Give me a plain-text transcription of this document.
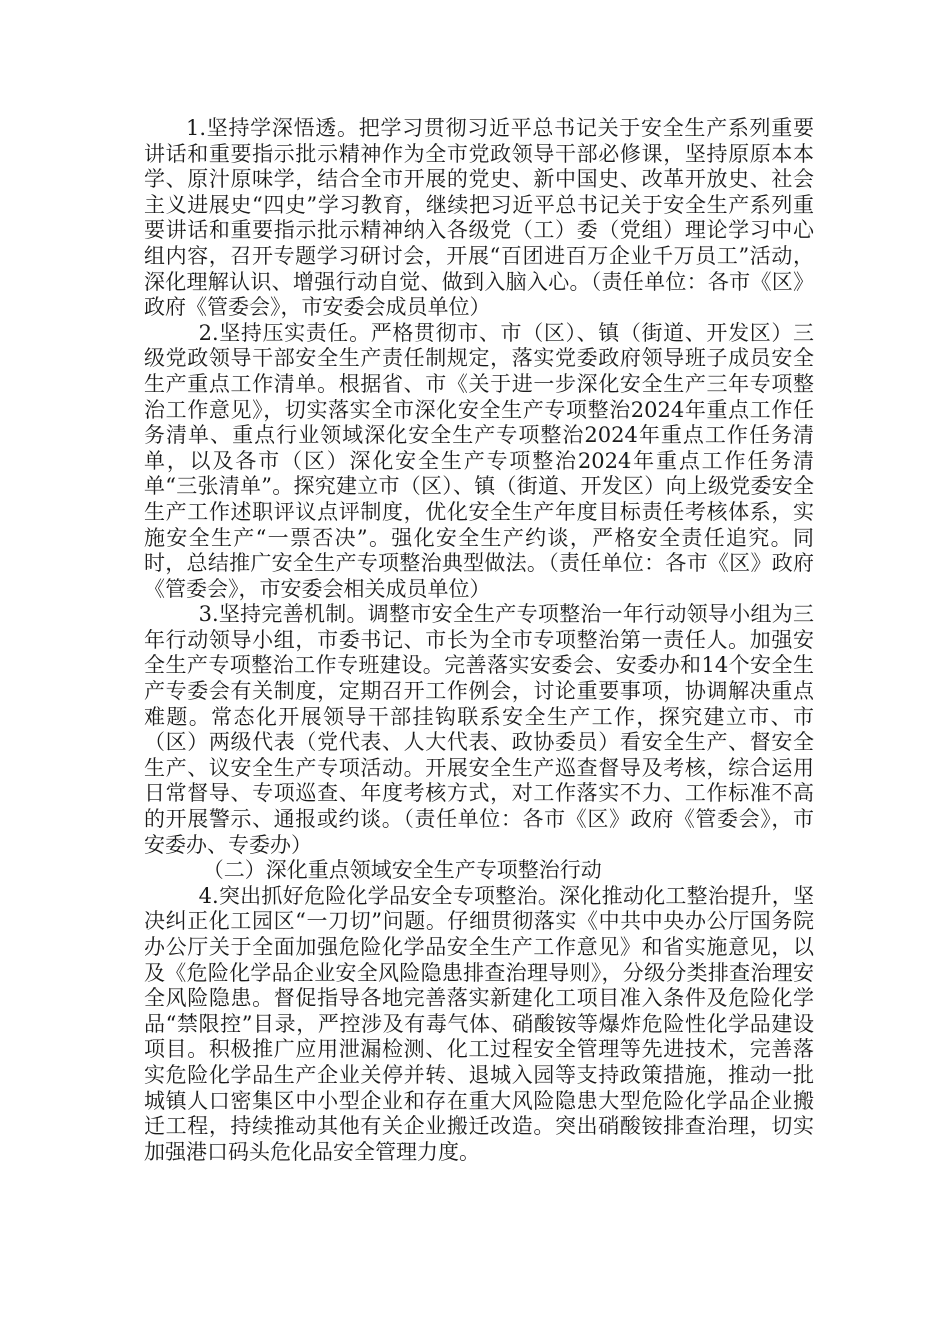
1.坚持学深悟透。把学习贯彻习近平总书记关于安全生产系列重要讲话和重要指示批示精神作为全市党政领导干部必修课，坚持原原本本学、原汁原味学，结合全市开展的党史、新中国史、改革开放史、社会主义进展史“四史”学习教育，继续把习近平总书记关于安全生产系列重要讲话和重要指示批示精神纳入各级党（工）委（党组）理论学习中心组内容，召开专题学习研讨会，开展“百团进百万企业千万员工”活动，深化理解认识、增强行动自觉、做到入脑入心。（责任单位：各市《区》政府《管委会》，市安委会成员单位）

2.坚持压实责任。严格贯彻市、市（区）、镇（街道、开发区）三级党政领导干部安全生产责任制规定，落实党委政府领导班子成员安全生产重点工作清单。根据省、市《关于进一步深化安全生产三年专项整治工作意见》，切实落实全市深化安全生产专项整治2024年重点工作任务清单、重点行业领域深化安全生产专项整治2024年重点工作任务清单，以及各市（区）深化安全生产专项整治2024年重点工作任务清单“三张清单”。探究建立市（区）、镇（街道、开发区）向上级党委安全生产工作述职评议点评制度，优化安全生产年度目标责任考核体系，实施安全生产“一票否决”。强化安全生产约谈，严格安全责任追究。同时，总结推广安全生产专项整治典型做法。（责任单位：各市《区》政府《管委会》，市安委会相关成员单位）

3.坚持完善机制。调整市安全生产专项整治一年行动领导小组为三年行动领导小组，市委书记、市长为全市专项整治第一责任人。加强安全生产专项整治工作专班建设。完善落实安委会、安委办和14个安全生产专委会有关制度，定期召开工作例会，讨论重要事项，协调解决重点难题。常态化开展领导干部挂钩联系安全生产工作，探究建立市、市（区）两级代表（党代表、人大代表、政协委员）看安全生产、督安全生产、议安全生产专项活动。开展安全生产巡查督导及考核，综合运用日常督导、专项巡查、年度考核方式，对工作落实不力、工作标准不高的开展警示、通报或约谈。（责任单位：各市《区》政府《管委会》，市安委办、专委办）

（二）深化重点领域安全生产专项整治行动

4.突出抓好危险化学品安全专项整治。深化推动化工整治提升，坚决纠正化工园区“一刀切”问题。仔细贯彻落实《中共中央办公厅国务院办公厅关于全面加强危险化学品安全生产工作意见》和省实施意见，以及《危险化学品企业安全风险隐患排查治理导则》，分级分类排查治理安全风险隐患。督促指导各地完善落实新建化工项目准入条件及危险化学品“禁限控”目录，严控涉及有毒气体、硝酸铵等爆炸危险性化学品建设项目。积极推广应用泄漏检测、化工过程安全管理等先进技术，完善落实危险化学品生产企业关停并转、退城入园等支持政策措施，推动一批城镇人口密集区中小型企业和存在重大风险隐患大型危险化学品企业搬迁工程，持续推动其他有关企业搬迁改造。突出硝酸铵排查治理，切实加强港口码头危化品安全管理力度。
